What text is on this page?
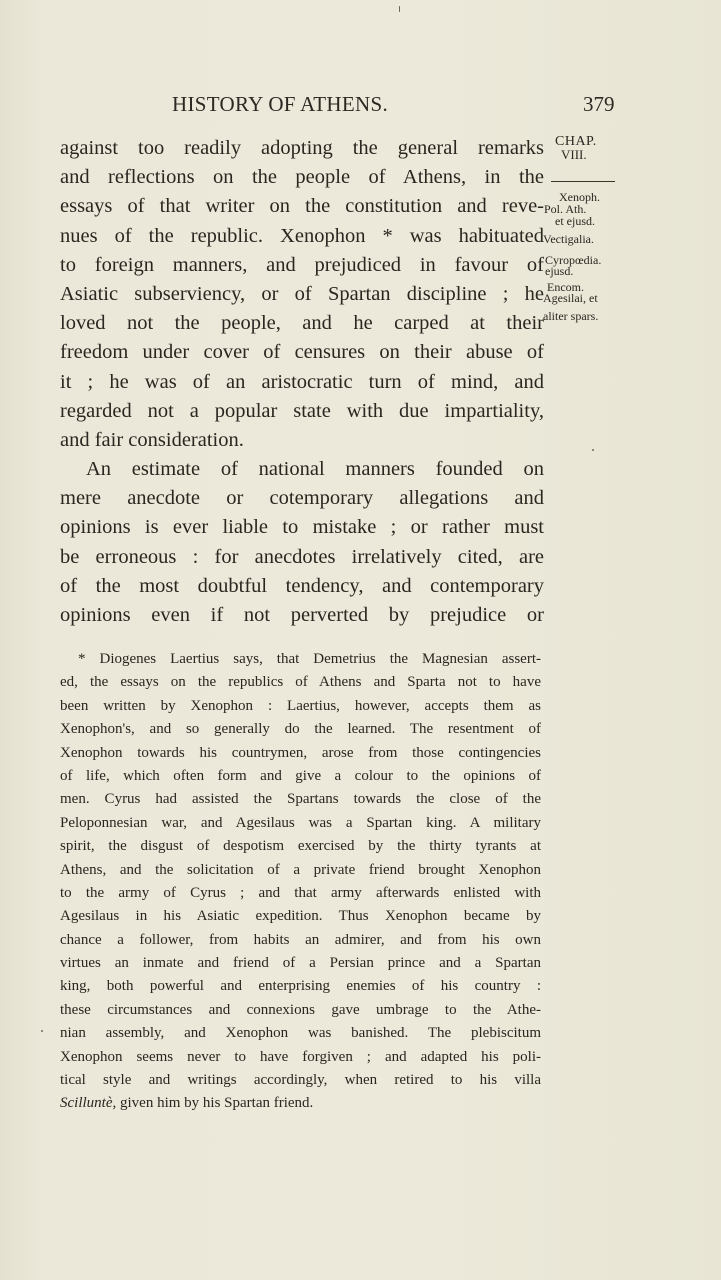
HISTORY OF ATHENS.	379
CHAP.
VIII.
Xenoph.
Pol. Ath.
et ejusd.
Vectigalia.
Cyropœdia.
ejusd.
Encom.
Agesilai, et
aliter spars.
against too readily adopting the general remarks
and reflections on the people of Athens, in the
essays of that writer on the constitution and reve-
nues of the republic. Xenophon * was habituated
to foreign manners, and prejudiced in favour of
Asiatic subserviency, or of Spartan discipline ; he
loved not the people, and he carped at their
freedom under cover of censures on their abuse of
it ; he was of an aristocratic turn of mind, and
regarded not a popular state with due impartiality,
and fair consideration.
An estimate of national manners founded on
mere anecdote or cotemporary allegations and
opinions is ever liable to mistake ; or rather must
be erroneous : for anecdotes irrelatively cited, are
of the most doubtful tendency, and contemporary
opinions even if not perverted by prejudice or
* Diogenes Laertius says, that Demetrius the Magnesian assert-
ed, the essays on the republics of Athens and Sparta not to have
been written by Xenophon : Laertius, however, accepts them as
Xenophon's, and so generally do the learned. The resentment of
Xenophon towards his countrymen, arose from those contingencies
of life, which often form and give a colour to the opinions of
men. Cyrus had assisted the Spartans towards the close of the
Peloponnesian war, and Agesilaus was a Spartan king. A military
spirit, the disgust of despotism exercised by the thirty tyrants at
Athens, and the solicitation of a private friend brought Xenophon
to the army of Cyrus ; and that army afterwards enlisted with
Agesilaus in his Asiatic expedition. Thus Xenophon became by
chance a follower, from habits an admirer, and from his own
virtues an inmate and friend of a Persian prince and a Spartan
king, both powerful and enterprising enemies of his country :
these circumstances and connexions gave umbrage to the Athe-
nian assembly, and Xenophon was banished. The plebiscitum
Xenophon seems never to have forgiven ; and adapted his poli-
tical style and writings accordingly, when retired to his villa
Scilluntè, given him by his Spartan friend.
